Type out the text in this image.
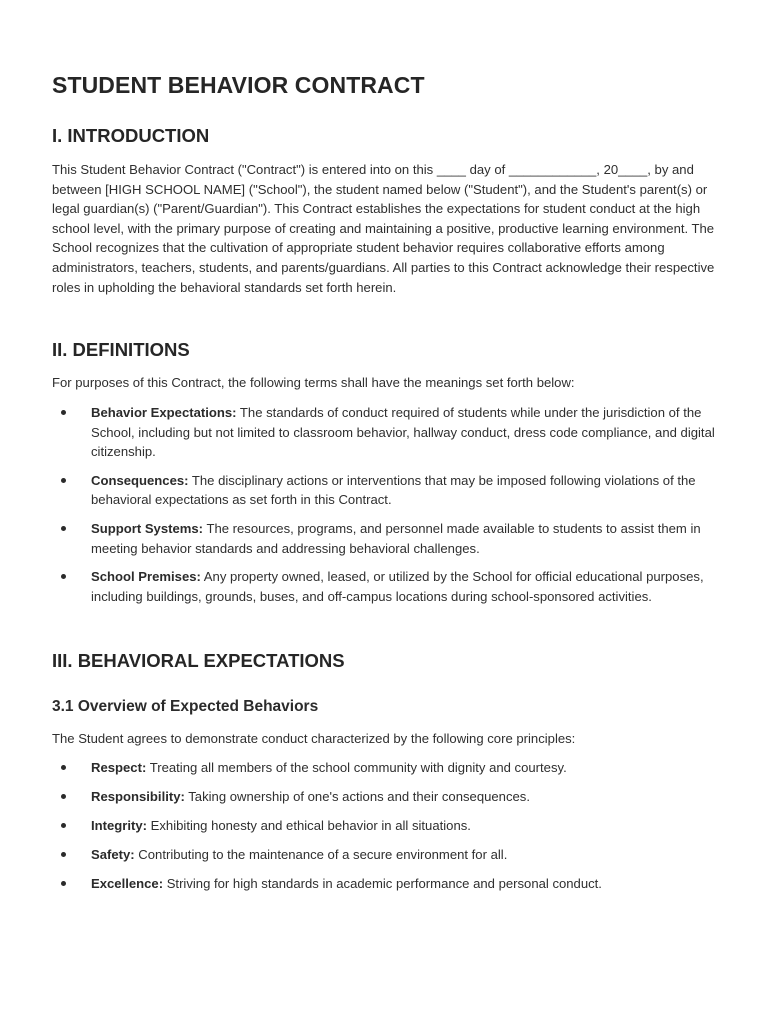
STUDENT BEHAVIOR CONTRACT
I. INTRODUCTION

This Student Behavior Contract ("Contract") is entered into on this ____ day of ____________, 20____, by and between [HIGH SCHOOL NAME] ("School"), the student named below ("Student"), and the Student's parent(s) or legal guardian(s) ("Parent/Guardian"). This Contract establishes the expectations for student conduct at the high school level, with the primary purpose of creating and maintaining a positive, productive learning environment. The School recognizes that the cultivation of appropriate student behavior requires collaborative efforts among administrators, teachers, students, and parents/guardians. All parties to this Contract acknowledge their respective roles in upholding the behavioral standards set forth herein.

II. DEFINITIONS

For purposes of this Contract, the following terms shall have the meanings set forth below:

Behavior Expectations: The standards of conduct required of students while under the jurisdiction of the School, including but not limited to classroom behavior, hallway conduct, dress code compliance, and digital citizenship.
Consequences: The disciplinary actions or interventions that may be imposed following violations of the behavioral expectations as set forth in this Contract.
Support Systems: The resources, programs, and personnel made available to students to assist them in meeting behavior standards and addressing behavioral challenges.
School Premises: Any property owned, leased, or utilized by the School for official educational purposes, including buildings, grounds, buses, and off-campus locations during school-sponsored activities.
III. BEHAVIORAL EXPECTATIONS
3.1 Overview of Expected Behaviors

The Student agrees to demonstrate conduct characterized by the following core principles:

Respect: Treating all members of the school community with dignity and courtesy.
Responsibility: Taking ownership of one's actions and their consequences.
Integrity: Exhibiting honesty and ethical behavior in all situations.
Safety: Contributing to the maintenance of a secure environment for all.
Excellence: Striving for high standards in academic performance and personal conduct.
